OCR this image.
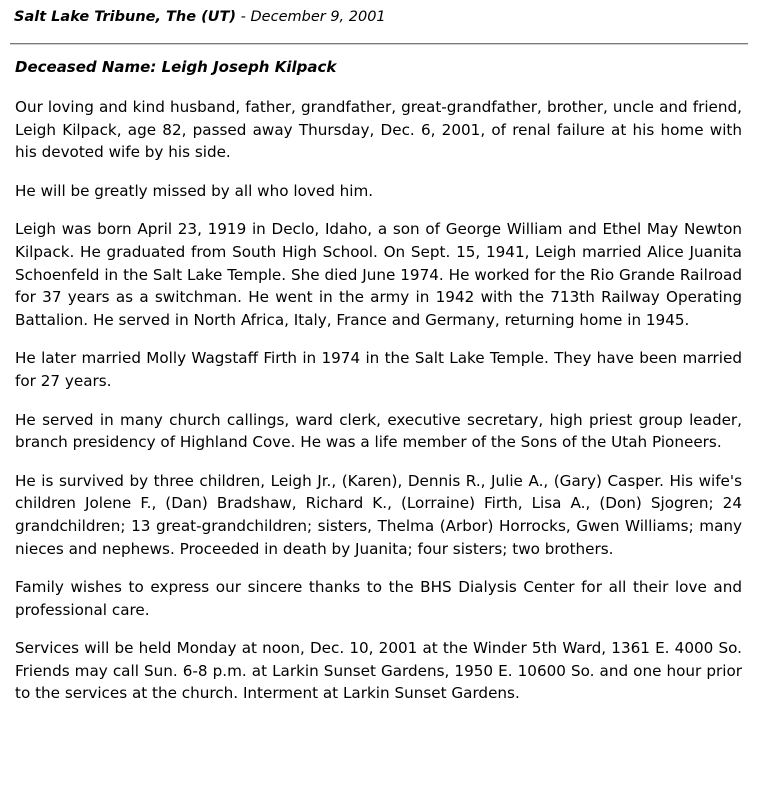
Salt Lake Tribune, The (UT) - December 9, 2001
Deceased Name: Leigh Joseph Kilpack

Our loving and kind husband, father, grandfather, great-grandfather, brother, uncle and friend, Leigh Kilpack, age 82, passed away Thursday, Dec. 6, 2001, of renal failure at his home with his devoted wife by his side.

He will be greatly missed by all who loved him.

Leigh was born April 23, 1919 in Declo, Idaho, a son of George William and Ethel May Newton Kilpack. He graduated from South High School. On Sept. 15, 1941, Leigh married Alice Juanita Schoenfeld in the Salt Lake Temple. She died June 1974. He worked for the Rio Grande Railroad for 37 years as a switchman. He went in the army in 1942 with the 713th Railway Operating Battalion. He served in North Africa, Italy, France and Germany, returning home in 1945.

He later married Molly Wagstaff Firth in 1974 in the Salt Lake Temple. They have been married for 27 years.

He served in many church callings, ward clerk, executive secretary, high priest group leader, branch presidency of Highland Cove. He was a life member of the Sons of the Utah Pioneers.

He is survived by three children, Leigh Jr., (Karen), Dennis R., Julie A., (Gary) Casper. His wife's children Jolene F., (Dan) Bradshaw, Richard K., (Lorraine) Firth, Lisa A., (Don) Sjogren; 24 grandchildren; 13 great-grandchildren; sisters, Thelma (Arbor) Horrocks, Gwen Williams; many nieces and nephews. Proceeded in death by Juanita; four sisters; two brothers.

Family wishes to express our sincere thanks to the BHS Dialysis Center for all their love and professional care.

Services will be held Monday at noon, Dec. 10, 2001 at the Winder 5th Ward, 1361 E. 4000 So. Friends may call Sun. 6-8 p.m. at Larkin Sunset Gardens, 1950 E. 10600 So. and one hour prior to the services at the church. Interment at Larkin Sunset Gardens.
